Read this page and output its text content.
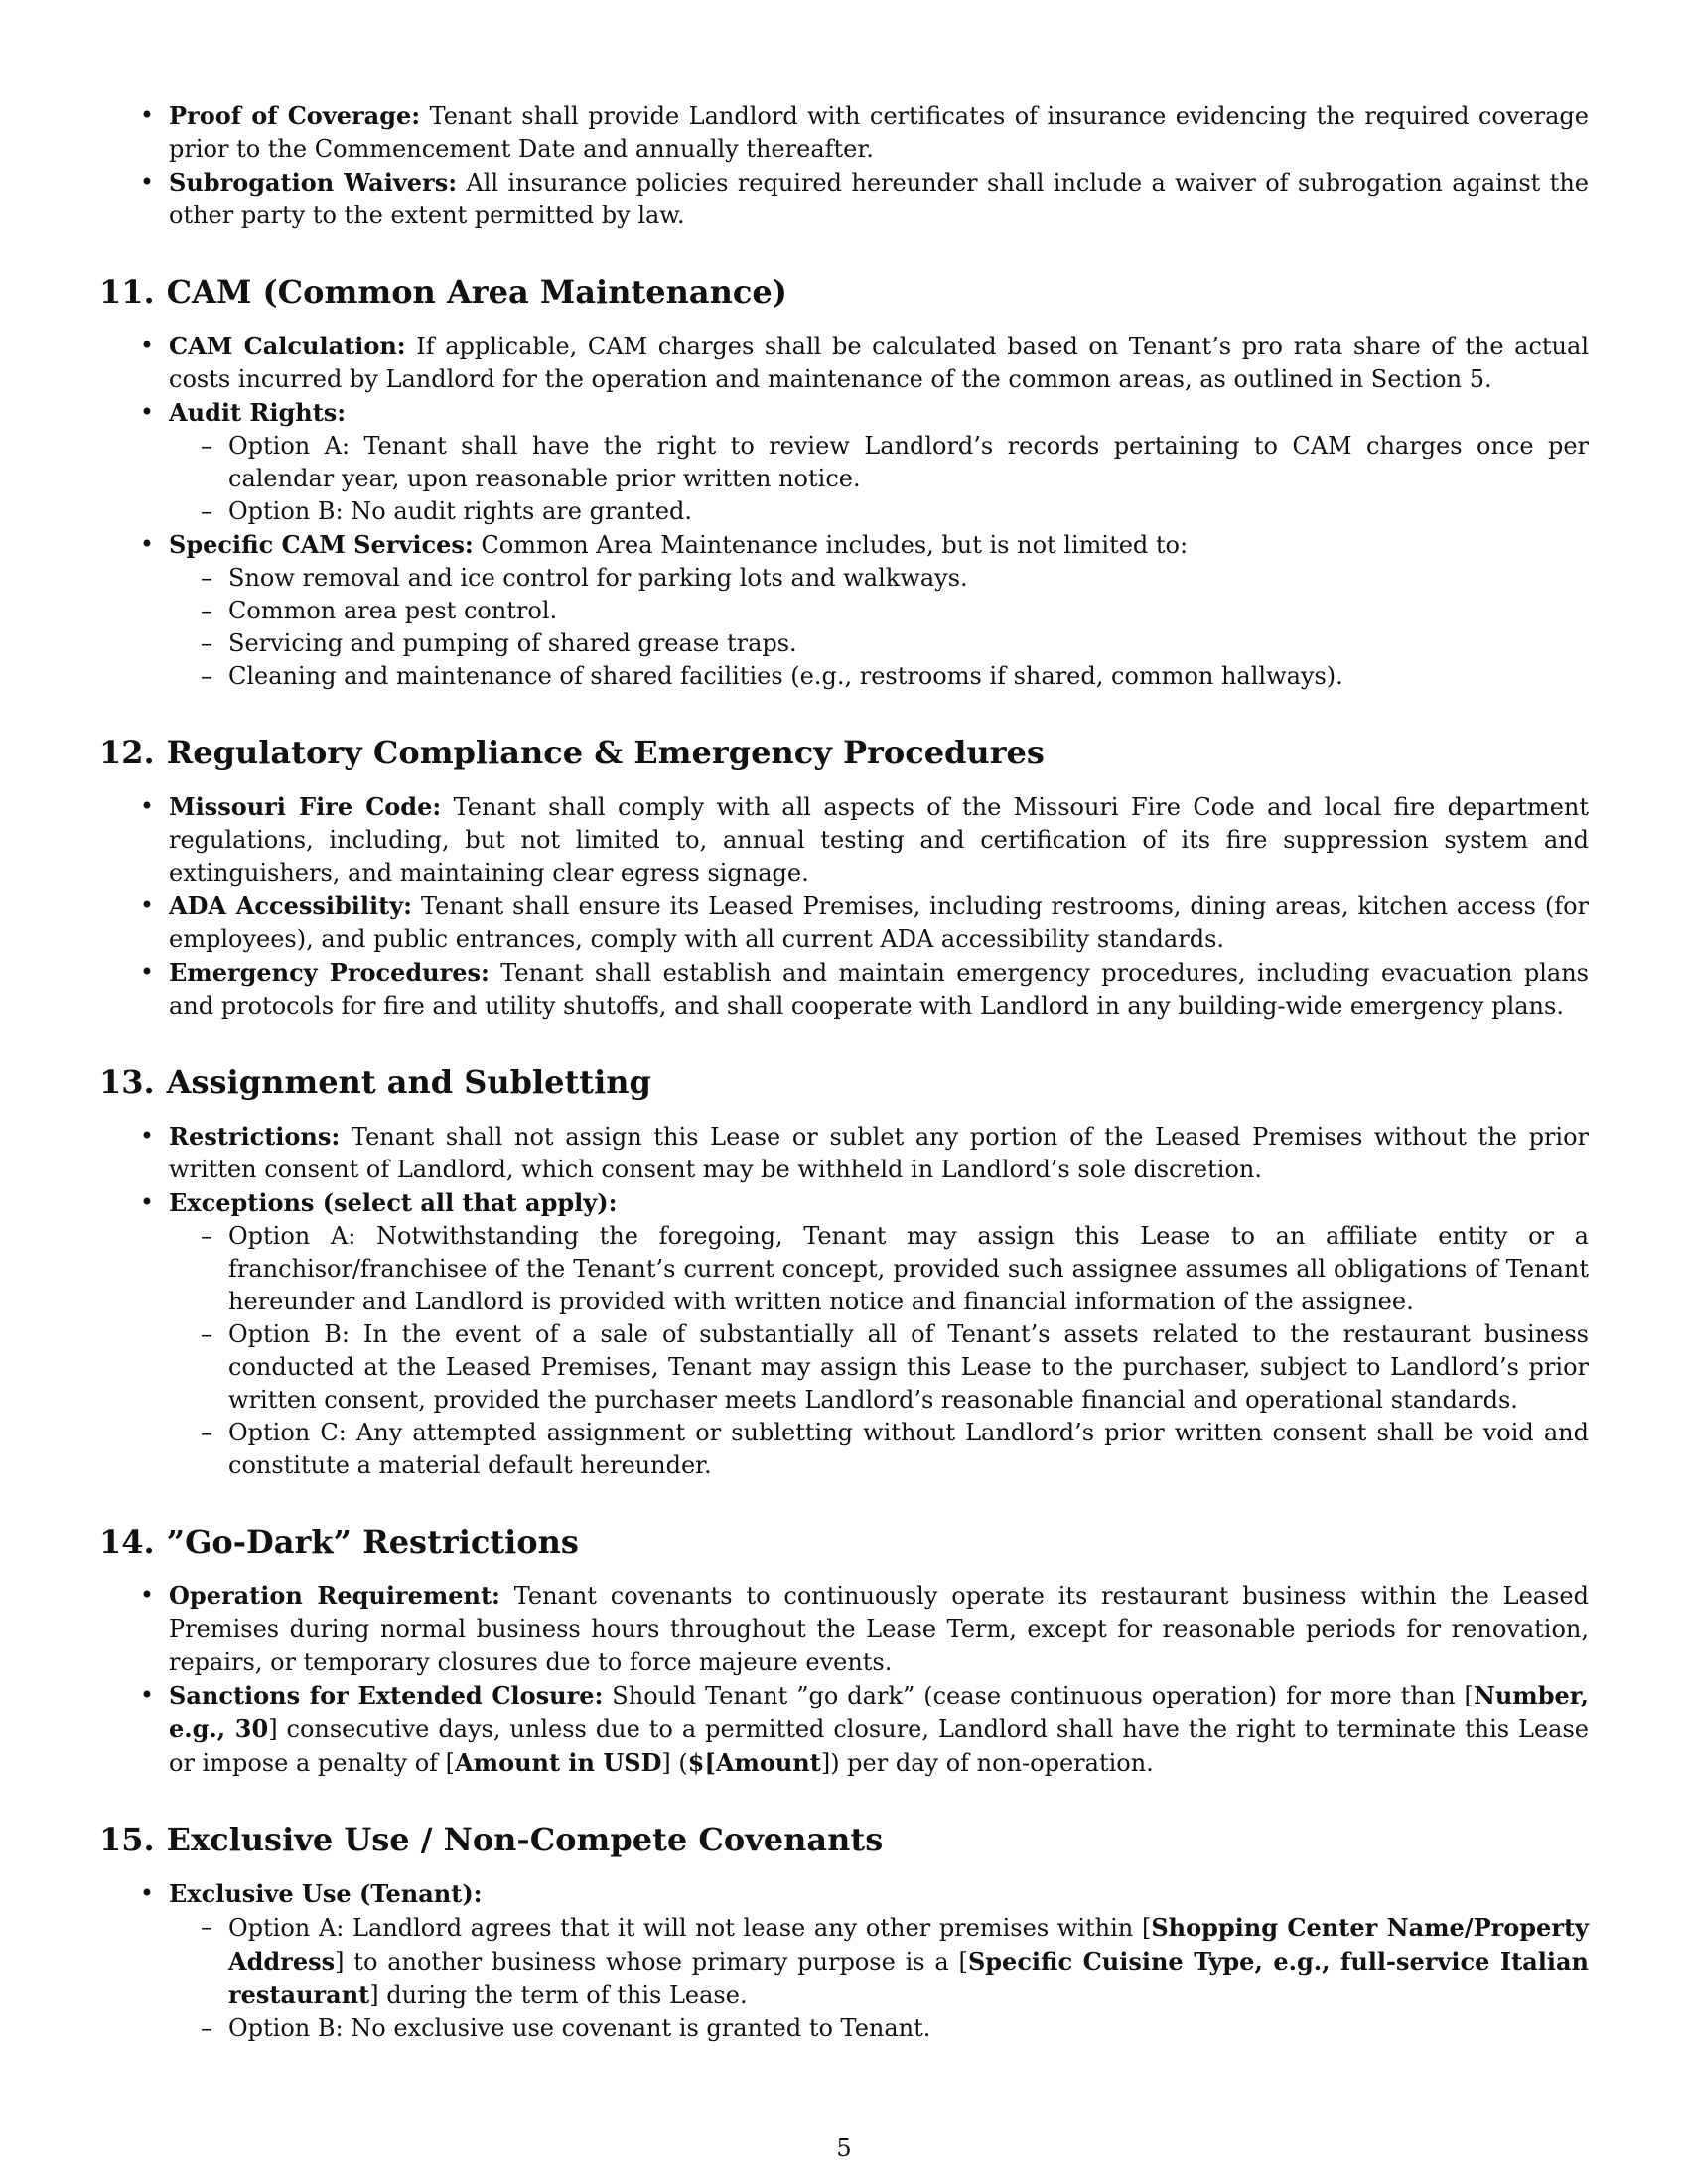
• Proof of Coverage: Tenant shall provide Landlord with certificates of insurance evidencing the required coverage prior to the Commencement Date and annually thereafter.
• Subrogation Waivers: All insurance policies required hereunder shall include a waiver of subrogation against the other party to the extent permitted by law.
11. CAM (Common Area Maintenance)
• CAM Calculation: If applicable, CAM charges shall be calculated based on Tenant’s pro rata share of the actual costs incurred by Landlord for the operation and maintenance of the common areas, as outlined in Section 5.
• Audit Rights:
– Option A: Tenant shall have the right to review Landlord’s records pertaining to CAM charges once per calendar year, upon reasonable prior written notice.
– Option B: No audit rights are granted.
• Specific CAM Services: Common Area Maintenance includes, but is not limited to:
– Snow removal and ice control for parking lots and walkways.
– Common area pest control.
– Servicing and pumping of shared grease traps.
– Cleaning and maintenance of shared facilities (e.g., restrooms if shared, common hallways).
12. Regulatory Compliance & Emergency Procedures
• Missouri Fire Code: Tenant shall comply with all aspects of the Missouri Fire Code and local fire department regulations, including, but not limited to, annual testing and certification of its fire suppression system and extinguishers, and maintaining clear egress signage.
• ADA Accessibility: Tenant shall ensure its Leased Premises, including restrooms, dining areas, kitchen access (for employees), and public entrances, comply with all current ADA accessibility standards.
• Emergency Procedures: Tenant shall establish and maintain emergency procedures, including evacuation plans and protocols for fire and utility shutoffs, and shall cooperate with Landlord in any building-wide emergency plans.
13. Assignment and Subletting
• Restrictions: Tenant shall not assign this Lease or sublet any portion of the Leased Premises without the prior written consent of Landlord, which consent may be withheld in Landlord’s sole discretion.
• Exceptions (select all that apply):
– Option A: Notwithstanding the foregoing, Tenant may assign this Lease to an affiliate entity or a franchisor/franchisee of the Tenant’s current concept, provided such assignee assumes all obligations of Tenant hereunder and Landlord is provided with written notice and financial information of the assignee.
– Option B: In the event of a sale of substantially all of Tenant’s assets related to the restaurant business conducted at the Leased Premises, Tenant may assign this Lease to the purchaser, subject to Landlord’s prior written consent, provided the purchaser meets Landlord’s reasonable financial and operational standards.
– Option C: Any attempted assignment or subletting without Landlord’s prior written consent shall be void and constitute a material default hereunder.
14. ”Go-Dark” Restrictions
• Operation Requirement: Tenant covenants to continuously operate its restaurant business within the Leased Premises during normal business hours throughout the Lease Term, except for reasonable periods for renovation, repairs, or temporary closures due to force majeure events.
• Sanctions for Extended Closure: Should Tenant ”go dark” (cease continuous operation) for more than [Number, e.g., 30] consecutive days, unless due to a permitted closure, Landlord shall have the right to terminate this Lease or impose a penalty of [Amount in USD] ($[Amount]) per day of non-operation.
15. Exclusive Use / Non-Compete Covenants
• Exclusive Use (Tenant):
– Option A: Landlord agrees that it will not lease any other premises within [Shopping Center Name/Property Address] to another business whose primary purpose is a [Specific Cuisine Type, e.g., full-service Italian restaurant] during the term of this Lease.
– Option B: No exclusive use covenant is granted to Tenant.
5
